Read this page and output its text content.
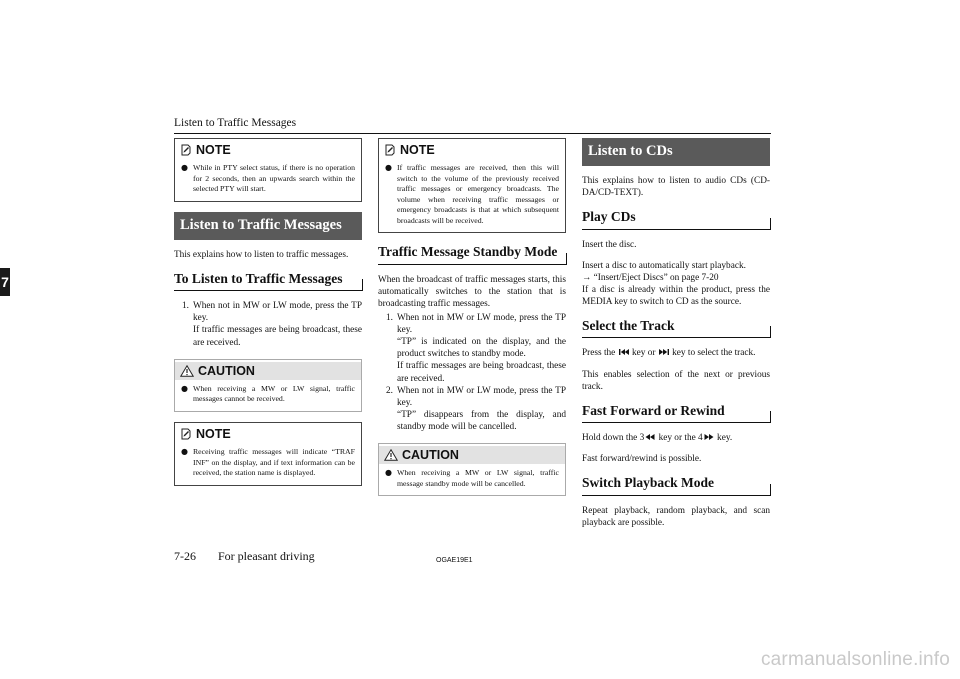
Listen to Traffic Messages
7
NOTE
● While in PTY select status, if there is no operation for 2 seconds, then an upwards search within the selected PTY will start.
Listen to Traffic Messages

This explains how to listen to traffic messages.

To Listen to Traffic Messages
1. When not in MW or LW mode, press the TP key.
If traffic messages are being broadcast, these are received.
CAUTION
● When receiving a MW or LW signal, traffic messages cannot be received.
NOTE
● Receiving traffic messages will indicate “TRAF INF” on the display, and if text information can be received, the station name is displayed.
NOTE
● If traffic messages are received, then this will switch to the volume of the previously received traffic messages or emergency broadcasts. The volume when receiving traffic messages or emergency broadcasts is that at which subsequent broadcasts will be received.
Traffic Message Standby Mode

When the broadcast of traffic messages starts, this automatically switches to the station that is broadcasting traffic messages.

1. When not in MW or LW mode, press the TP key.
“TP” is indicated on the display, and the product switches to standby mode.
If traffic messages are being broadcast, these are received.
2. When not in MW or LW mode, press the TP key.
“TP” disappears from the display, and standby mode will be cancelled.
CAUTION
● When receiving a MW or LW signal, traffic message standby mode will be cancelled.
Listen to CDs

This explains how to listen to audio CDs (CD-DA/CD-TEXT).

Play CDs

Insert the disc.

Insert a disc to automatically start playback.

→ “Insert/Eject Discs” on page 7-20

If a disc is already within the product, press the MEDIA key to switch to CD as the source.

Select the Track

Press the key or key to select the track.

This enables selection of the next or previous track.

Fast Forward or Rewind

Hold down the 3 key or the 4 key.

Fast forward/rewind is possible.

Switch Playback Mode

Repeat playback, random playback, and scan playback are possible.

7-26 For pleasant driving	OGAE19E1
carmanualsonline.info
